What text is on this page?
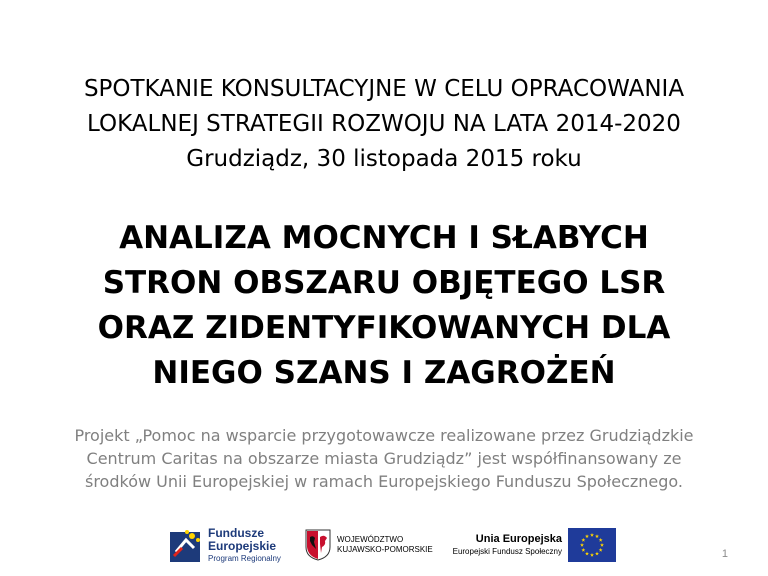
SPOTKANIE KONSULTACYJNE W CELU OPRACOWANIA
LOKALNEJ STRATEGII ROZWOJU NA LATA 2014-2020
Grudziądz, 30 listopada 2015 roku
ANALIZA MOCNYCH I SŁABYCH
STRON OBSZARU OBJĘTEGO LSR
ORAZ ZIDENTYFIKOWANYCH DLA
NIEGO SZANS I ZAGROŻEŃ
Projekt „Pomoc na wsparcie przygotowawcze realizowane przez Grudziądzkie
Centrum Caritas na obszarze miasta Grudziądz” jest współfinansowany ze
środków Unii Europejskiej w ramach Europejskiego Funduszu Społecznego.
Fundusze
Europejskie
Program Regionalny
WOJEWÓDZTWO
KUJAWSKO-POMORSKIE
Unia Europejska
Europejski Fundusz Społeczny	1
